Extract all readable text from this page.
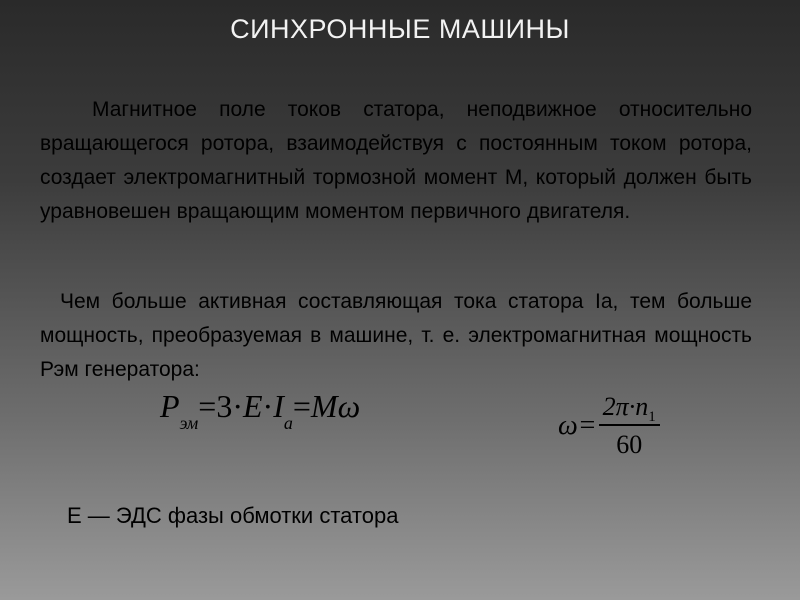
СИНХРОННЫЕ МАШИНЫ
Магнитное поле токов статора, неподвижное относительно вращающегося ротора, взаимодействуя с постоянным током ротора, создает электромагнитный тормозной момент М, который должен быть уравновешен вращающим моментом первичного двигателя.
Чем больше активная составляющая тока статора Iа, тем больше мощность, преобразуемая в машине, т. е. электромагнитная мощность Рэм генератора:
$P_{эм}=3\cdot E\cdot I_a=M\omega$
$\omega= \frac{2\pi\cdot n_1}{60}$
Е — ЭДС фазы обмотки статора
